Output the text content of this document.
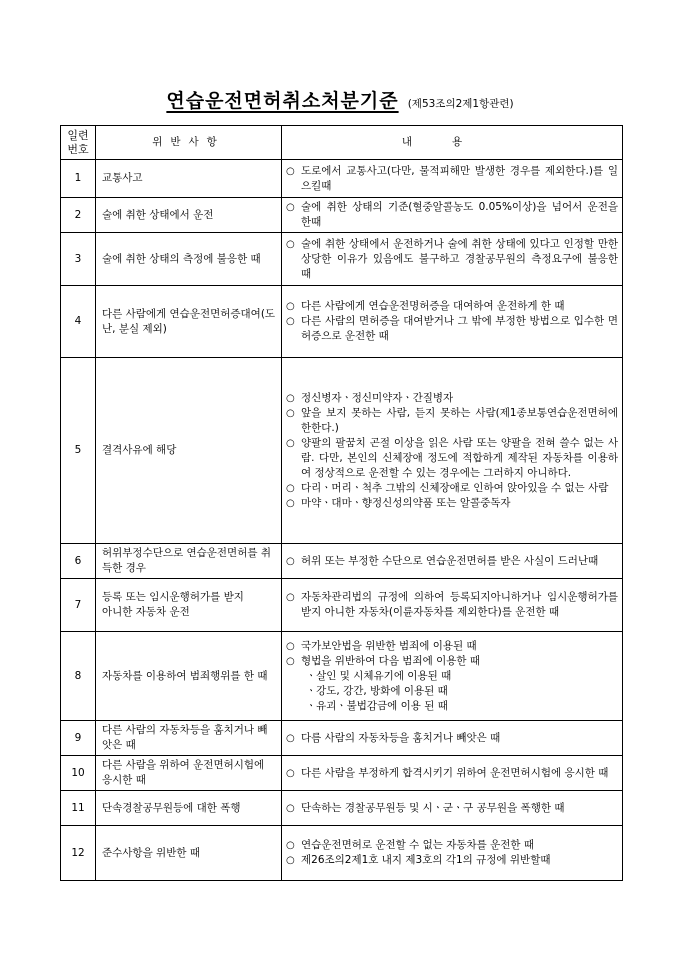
연습운전면허취소처분기준 (제53조의2제1항관련)
일련
번호	위반사항	내용
1	교통사고	○ 도로에서 교통사고(다만, 물적피해만 발생한 경우를 제외한다.)를 일으킬때

2	술에 취한 상태에서 운전	○ 술에 취한 상태의 기준(혈중알콜농도 0.05%이상)을 넘어서 운전을 한때

3	술에 취한 상태의 측정에 불응한 때	○ 술에 취한 상태에서 운전하거나 술에 취한 상태에 있다고 인정할 만한 상당한 이유가 있음에도 불구하고 경찰공무원의 측정요구에 불응한 때

4	다른 사람에게 연습운전면허증대여(도난, 분실 제외)	○ 다른 사람에게 연습운전명허증을 대여하여 운전하게 한 때
○ 다른 사람의 면허증을 대여받거나 그 밖에 부정한 방법으로 입수한 면허증으로 운전한 때

5	결격사유에 해당	○ 정신병자ㆍ정신미약자ㆍ간질병자
○ 앞을 보지 못하는 사람, 듣지 못하는 사람(제1종보통연습운전면허에 한한다.)
○ 양팔의 팔꿈치 곤절 이상을 읽은 사람 또는 양팔을 전혀 쓸수 없는 사람. 다만, 본인의 신체장애 정도에 적합하게 제작된 자동차를 이용하여 정상적으로 운전할 수 있는 경우에는 그러하지 아니하다.
○ 다리ㆍ머리ㆍ척추 그밖의 신체장애로 인하여 앉아있을 수 없는 사람
○ 마약ㆍ대마ㆍ향정신성의약품 또는 알콜중독자

6	허위부정수단으로 연습운전면허를 취득한 경우	○ 허위 또는 부정한 수단으로 연습운전면허를 받은 사실이 드러난때

7	등록 또는 임시운행허가를 받지
아니한 자동차 운전	○ 자동차관리법의 규정에 의하여 등록되지아니하거나 임시운행허가를 받지 아니한 자동차(이륜자동차를 제외한다)를 운전한 때

8	자동차를 이용하여 범죄행위를 한 때	○ 국가보안법을 위반한 범죄에 이용된 때
○ 형법을 위반하여 다음 범죄에 이용한 때
ㆍ살인 및 시체유기에 이용된 때
ㆍ강도, 강간, 방화에 이용된 때
ㆍ유괴ㆍ불법감금에 이용 된 때

9	다른 사람의 자동차등을 훔치거나 빼앗은 때	○ 다름 사람의 자동차등을 훔치거나 빼앗은 때

10	다른 사람을 위하여 운전면허시험에 응시한 때	○ 다른 사람을 부정하게 합격시키기 위하여 운전면허시험에 응시한 때

11	단속경찰공무원등에 대한 폭행	○ 단속하는 경찰공무원등 및 시ㆍ군ㆍ구 공무원을 폭행한 때

12	준수사항을 위반한 때	○ 연습운전면허로 운전할 수 없는 자동차를 운전한 때
○ 제26조의2제1호 내지 제3호의 각1의 규정에 위반할때
